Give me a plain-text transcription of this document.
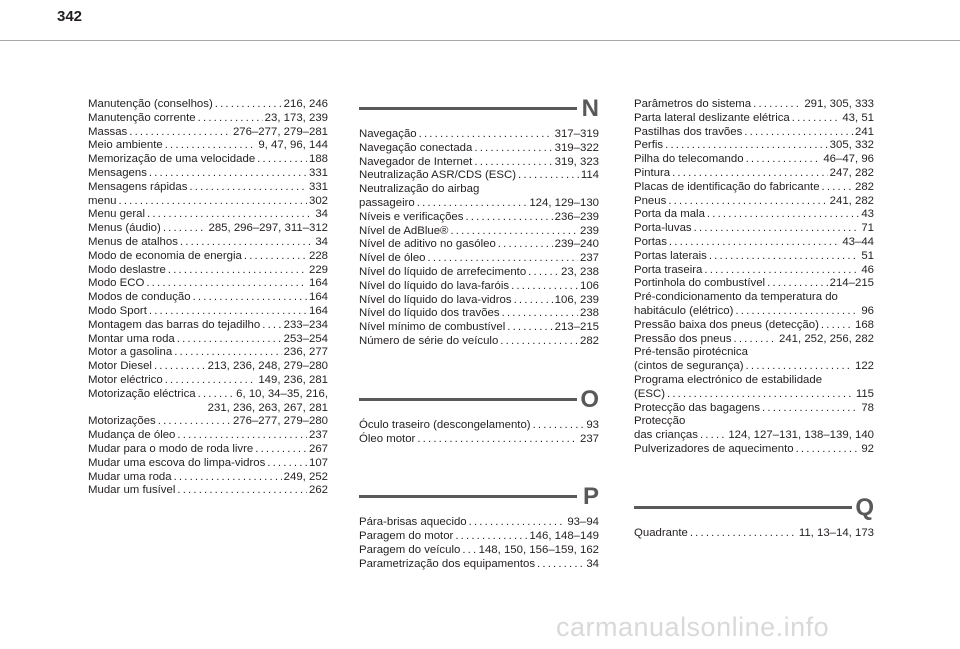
342
Manutenção (conselhos) . . .	216, 246
Manutenção corrente . . .	23, 173, 239
Massas . . .	276–277, 279–281
Meio ambiente . . .	9, 47, 96, 144
Memorização de uma velocidade . . .	188
Mensagens . . .	331
Mensagens rápidas . . .	331
menu . . .	302
Menu geral . . .	34
Menus (áudio) . . .	285, 296–297, 311–312
Menus de atalhos . . .	34
Modo de economia de energia . . .	228
Modo deslastre . . .	229
Modo ECO . . .	164
Modos de condução . . .	164
Modo Sport . . .	164
Montagem das barras do tejadilho . . . 233–234
Montar uma roda . . .	253–254
Motor a gasolina . . .	236, 277
Motor Diesel . . .	213, 236, 248, 279–280
Motor eléctrico . . .	149, 236, 281
Motorização eléctrica . . .	6, 10, 34–35, 216,
231, 236, 263, 267, 281
Motorizações . . .	276–277, 279–280
Mudança de óleo . . .	237
Mudar para o modo de roda livre . . .	267
Mudar uma escova do limpa-vidros . . .	107
Mudar uma roda . . .	249, 252
Mudar um fusível . . .	262
N
Navegação . . .	317–319
Navegação conectada . . .	319–322
Navegador de Internet . . .	319, 323
Neutralização ASR/CDS (ESC) . . .	114
Neutralização do airbag
passageiro . . .	124, 129–130
Níveis e verificações . . .	236–239
Nível de AdBlue® . . .	239
Nível de aditivo no gasóleo . . .	239–240
Nível de óleo . . .	237
Nível do líquido de arrefecimento . . .	23, 238
Nível do líquido do lava-faróis . . .	106
Nível do líquido do lava-vidros . . .	106, 239
Nível do líquido dos travões . . .	238
Nível mínimo de combustível . . .	213–215
Número de série do veículo . . .	282
O
Óculo traseiro (descongelamento) . . .	93
Óleo motor . . .	237
P
Pára-brisas aquecido . . .	93–94
Paragem do motor . . .	146, 148–149
Paragem do veículo . . . 148, 150, 156–159, 162
Parametrização dos equipamentos . . .	34
Parâmetros do sistema . . .	291, 305, 333
Parta lateral deslizante elétrica . . .	43, 51
Pastilhas dos travões . . .	241
Perfis . . .	305, 332
Pilha do telecomando . . .	46–47, 96
Pintura . . .	247, 282
Placas de identificação do fabricante . . .	282
Pneus . . .	241, 282
Porta da mala . . .	43
Porta-luvas . . .	71
Portas . . .	43–44
Portas laterais . . .	51
Porta traseira . . .	46
Portinhola do combustível . . .	214–215
Pré-condicionamento da temperatura do
habitáculo (elétrico) . . .	96
Pressão baixa dos pneus (detecção) . . .	168
Pressão dos pneus . . .	241, 252, 256, 282
Pré-tensão pirotécnica
(cintos de segurança) . . .	122
Programa electrónico de estabilidade
(ESC) . . .	115
Protecção das bagagens . . .	78
Protecção
das crianças . . .	124, 127–131, 138–139, 140
Pulverizadores de aquecimento . . .	92
Q
Quadrante . . .	11, 13–14, 173
carmanualsonline.info
